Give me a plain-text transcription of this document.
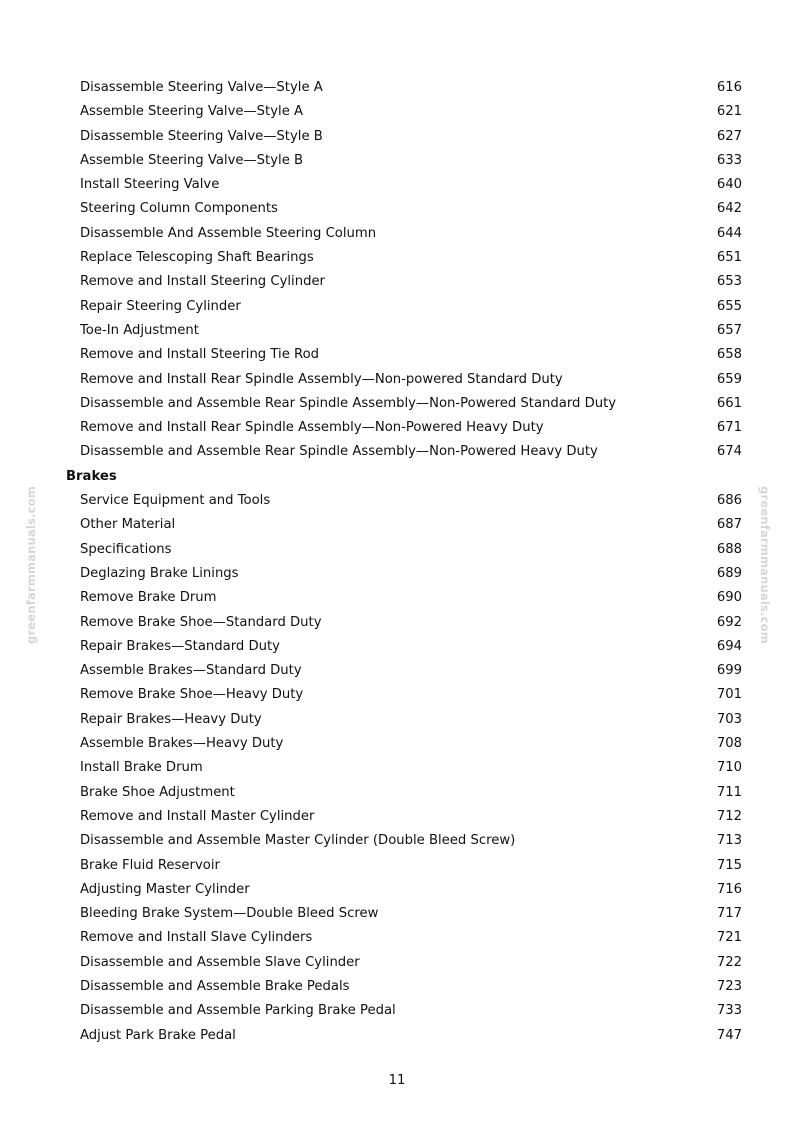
greenfarmmanuals.com	greenfarmmanuals.com
Disassemble Steering Valve—Style A	616
Assemble Steering Valve—Style A	621
Disassemble Steering Valve—Style B	627
Assemble Steering Valve—Style B	633
Install Steering Valve	640
Steering Column Components	642
Disassemble And Assemble Steering Column	644
Replace Telescoping Shaft Bearings	651
Remove and Install Steering Cylinder	653
Repair Steering Cylinder	655
Toe-In Adjustment	657
Remove and Install Steering Tie Rod	658
Remove and Install Rear Spindle Assembly—Non-powered Standard Duty	659
Disassemble and Assemble Rear Spindle Assembly—Non-Powered Standard Duty	661
Remove and Install Rear Spindle Assembly—Non-Powered Heavy Duty	671
Disassemble and Assemble Rear Spindle Assembly—Non-Powered Heavy Duty	674
Brakes
Service Equipment and Tools	686
Other Material	687
Specifications	688
Deglazing Brake Linings	689
Remove Brake Drum	690
Remove Brake Shoe—Standard Duty	692
Repair Brakes—Standard Duty	694
Assemble Brakes—Standard Duty	699
Remove Brake Shoe—Heavy Duty	701
Repair Brakes—Heavy Duty	703
Assemble Brakes—Heavy Duty	708
Install Brake Drum	710
Brake Shoe Adjustment	711
Remove and Install Master Cylinder	712
Disassemble and Assemble Master Cylinder (Double Bleed Screw)	713
Brake Fluid Reservoir	715
Adjusting Master Cylinder	716
Bleeding Brake System—Double Bleed Screw	717
Remove and Install Slave Cylinders	721
Disassemble and Assemble Slave Cylinder	722
Disassemble and Assemble Brake Pedals	723
Disassemble and Assemble Parking Brake Pedal	733
Adjust Park Brake Pedal	747
11
